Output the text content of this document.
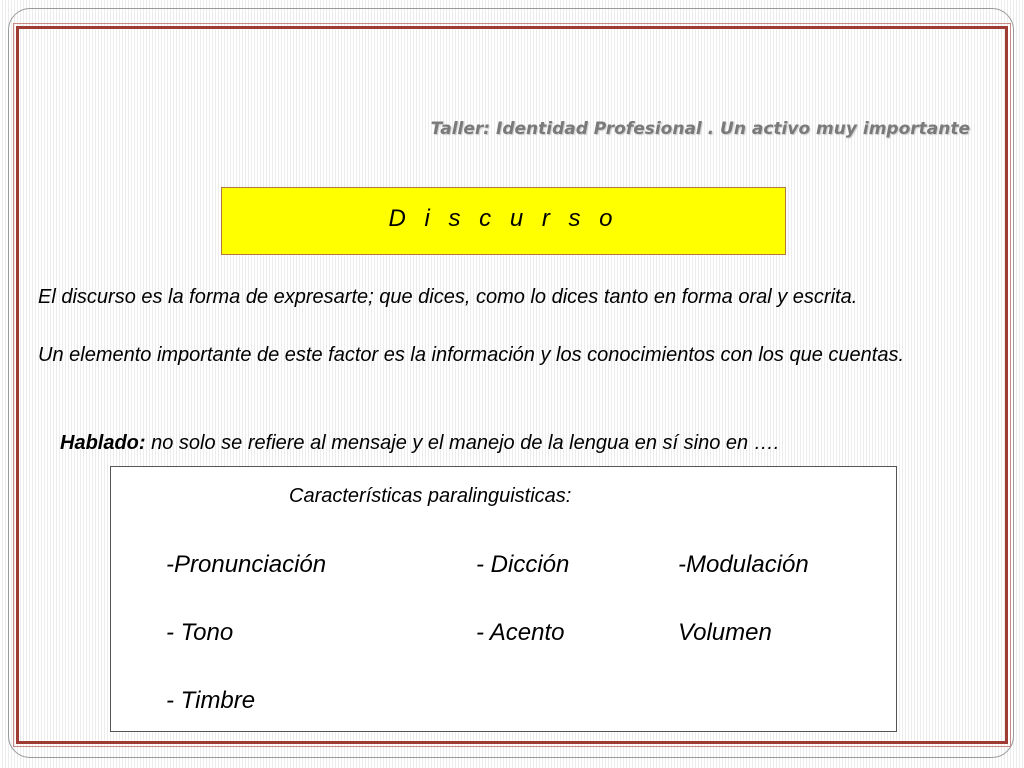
Taller: Identidad Profesional . Un activo muy importante
D i s c u r s o

El discurso es la forma de expresarte; que dices, como lo dices tanto en forma oral y escrita.

Un elemento importante de este factor es la información y los conocimientos con los que cuentas.

Hablado: no solo se refiere al mensaje y el manejo de la lengua en sí sino en ….

Características paralinguisticas:
-Pronunciación	- Dicción	-Modulación
- Tono	- Acento	Volumen
- Timbre
